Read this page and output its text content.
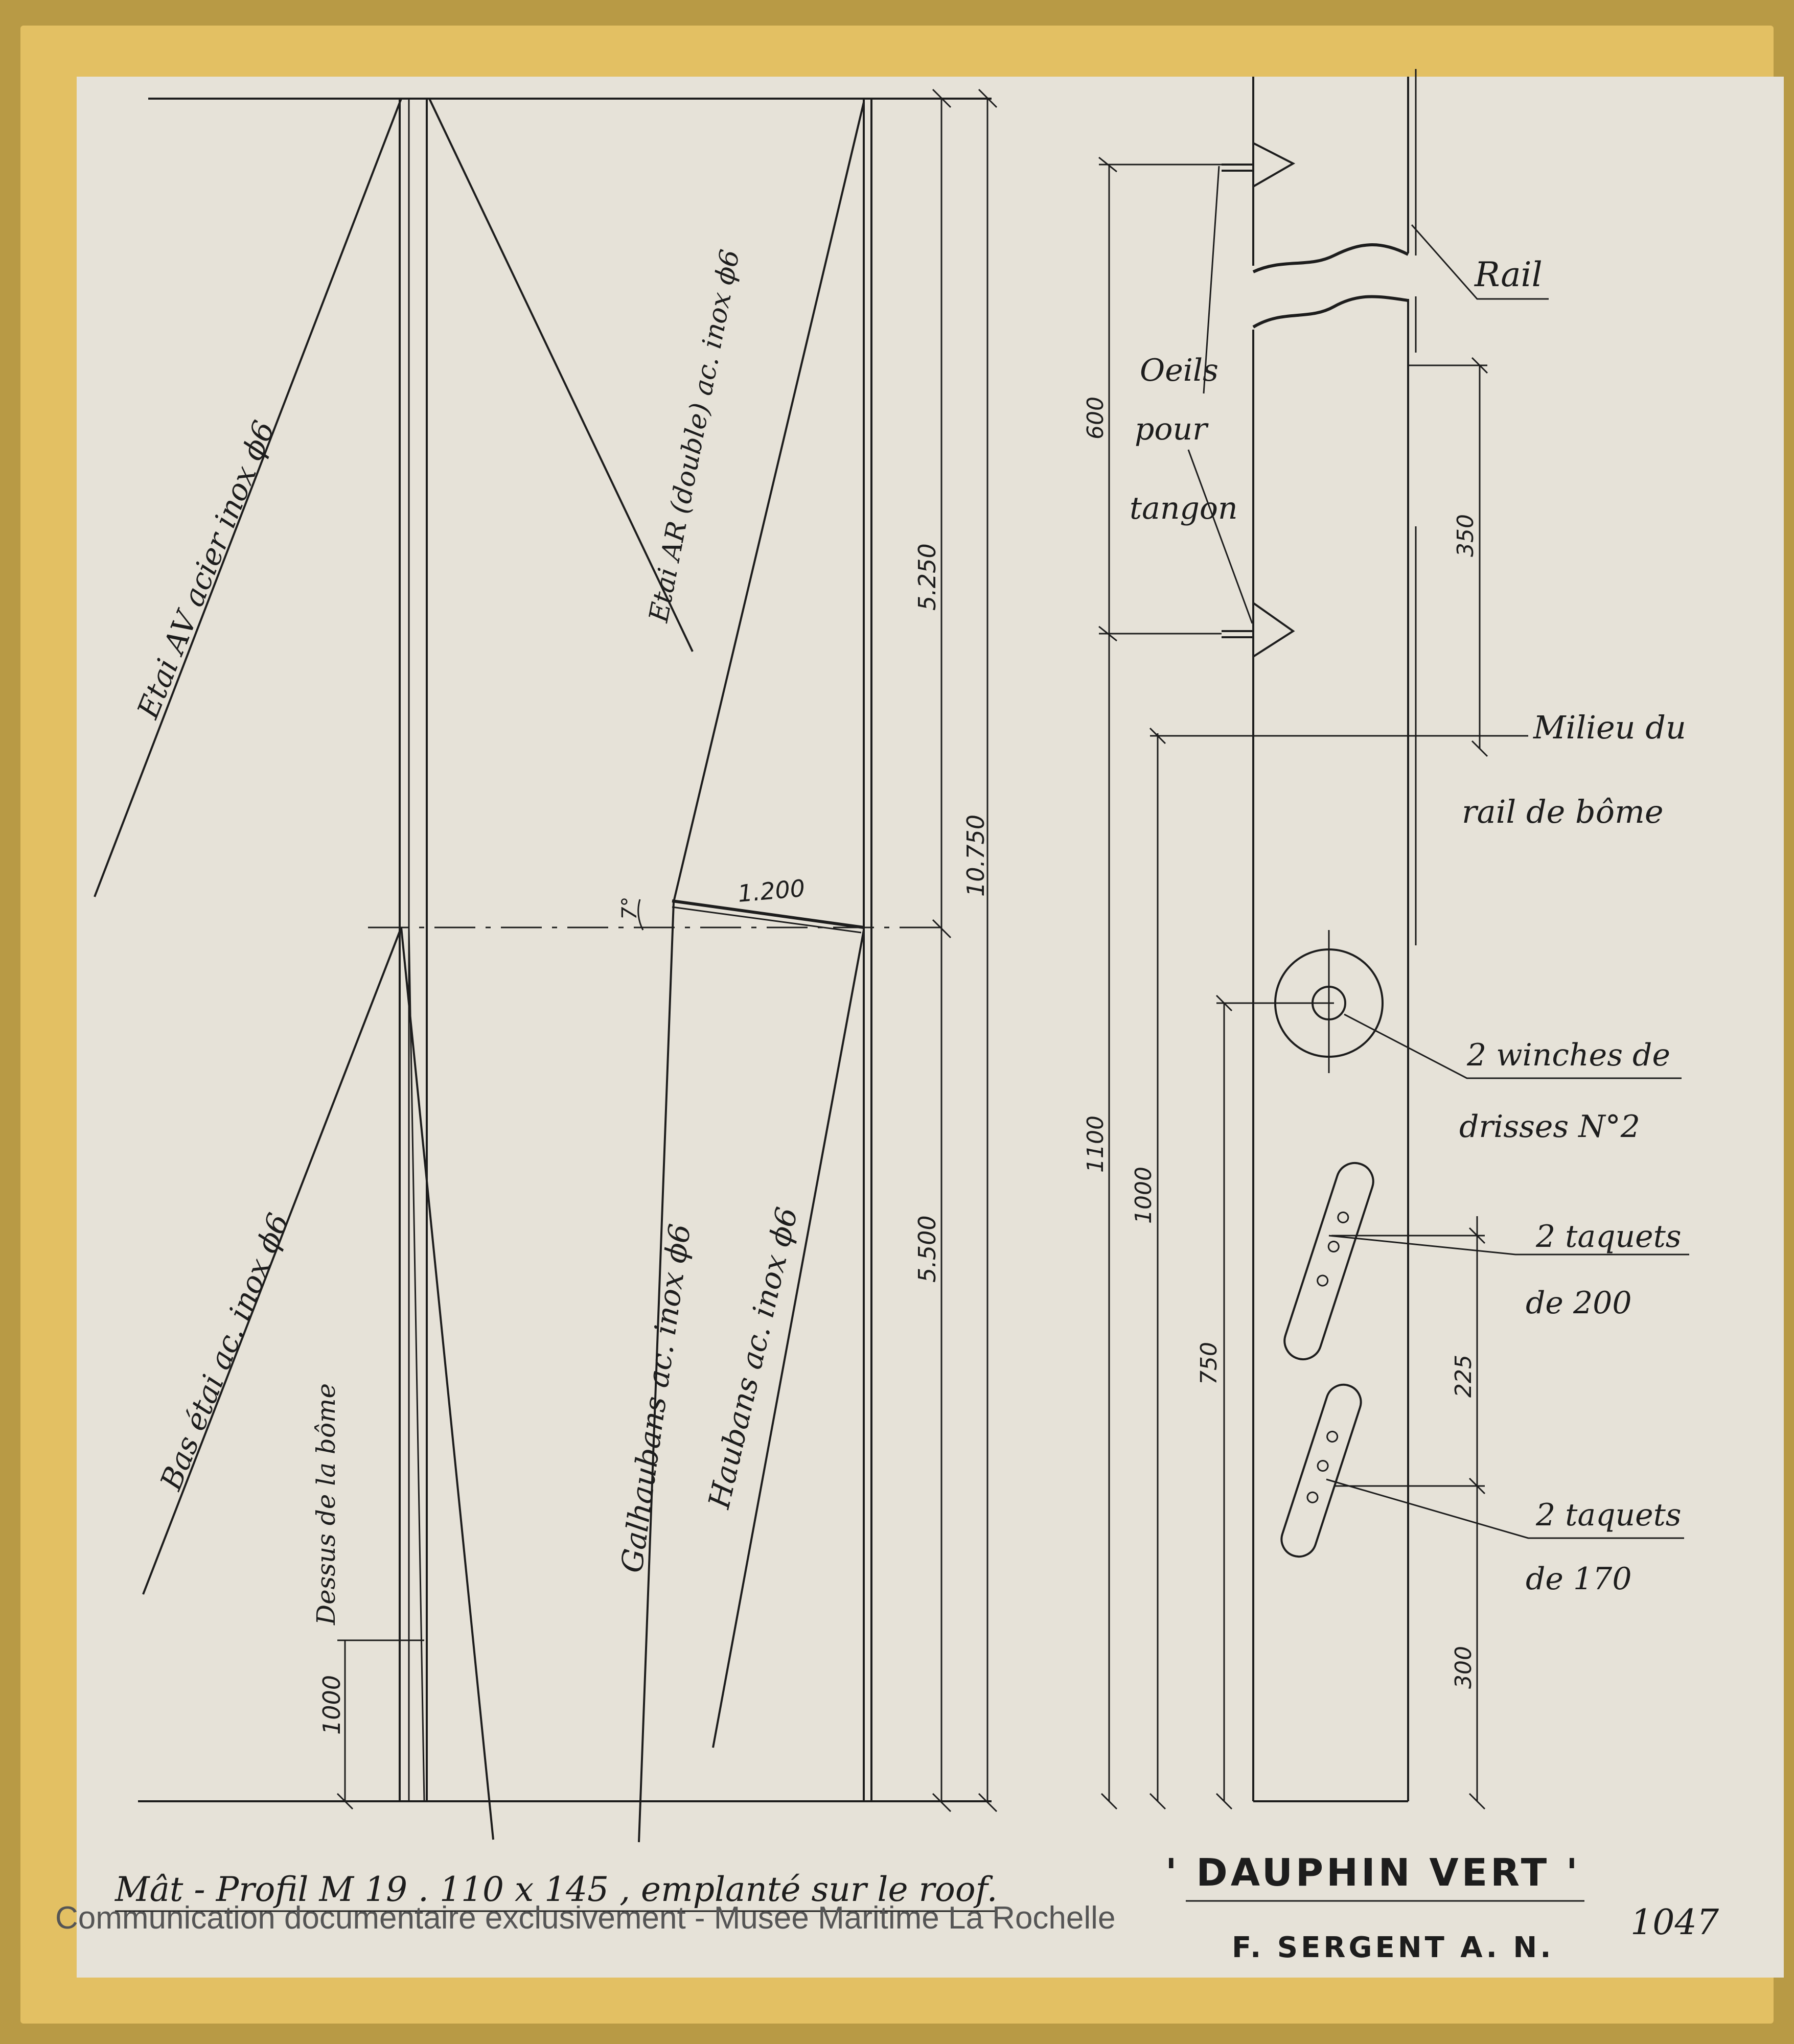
Etai AV acier inox ϕ6	Etai AR (double) ac. inox ϕ6
Bas étai ac. inox ϕ6
Dessus de la bôme
1000
1.200
7°
5.250
10.750
5.500
Galhaubans ac. inox ϕ6 Haubans ac. inox ϕ6
600
1100
1000
750
350
225
300
Oeils
pour
tangon
Rail
Milieu du
rail de bôme
2 winches de
drisses N°2
2 taquets
de 200
2 taquets
de 170
Mât - Profil M 19 . 110 x 145 , emplanté sur le roof.	' DAUPHIN VERT '
F. SERGENT A. N.
1047
Communication documentaire exclusivement - Musee Maritime La Rochelle
